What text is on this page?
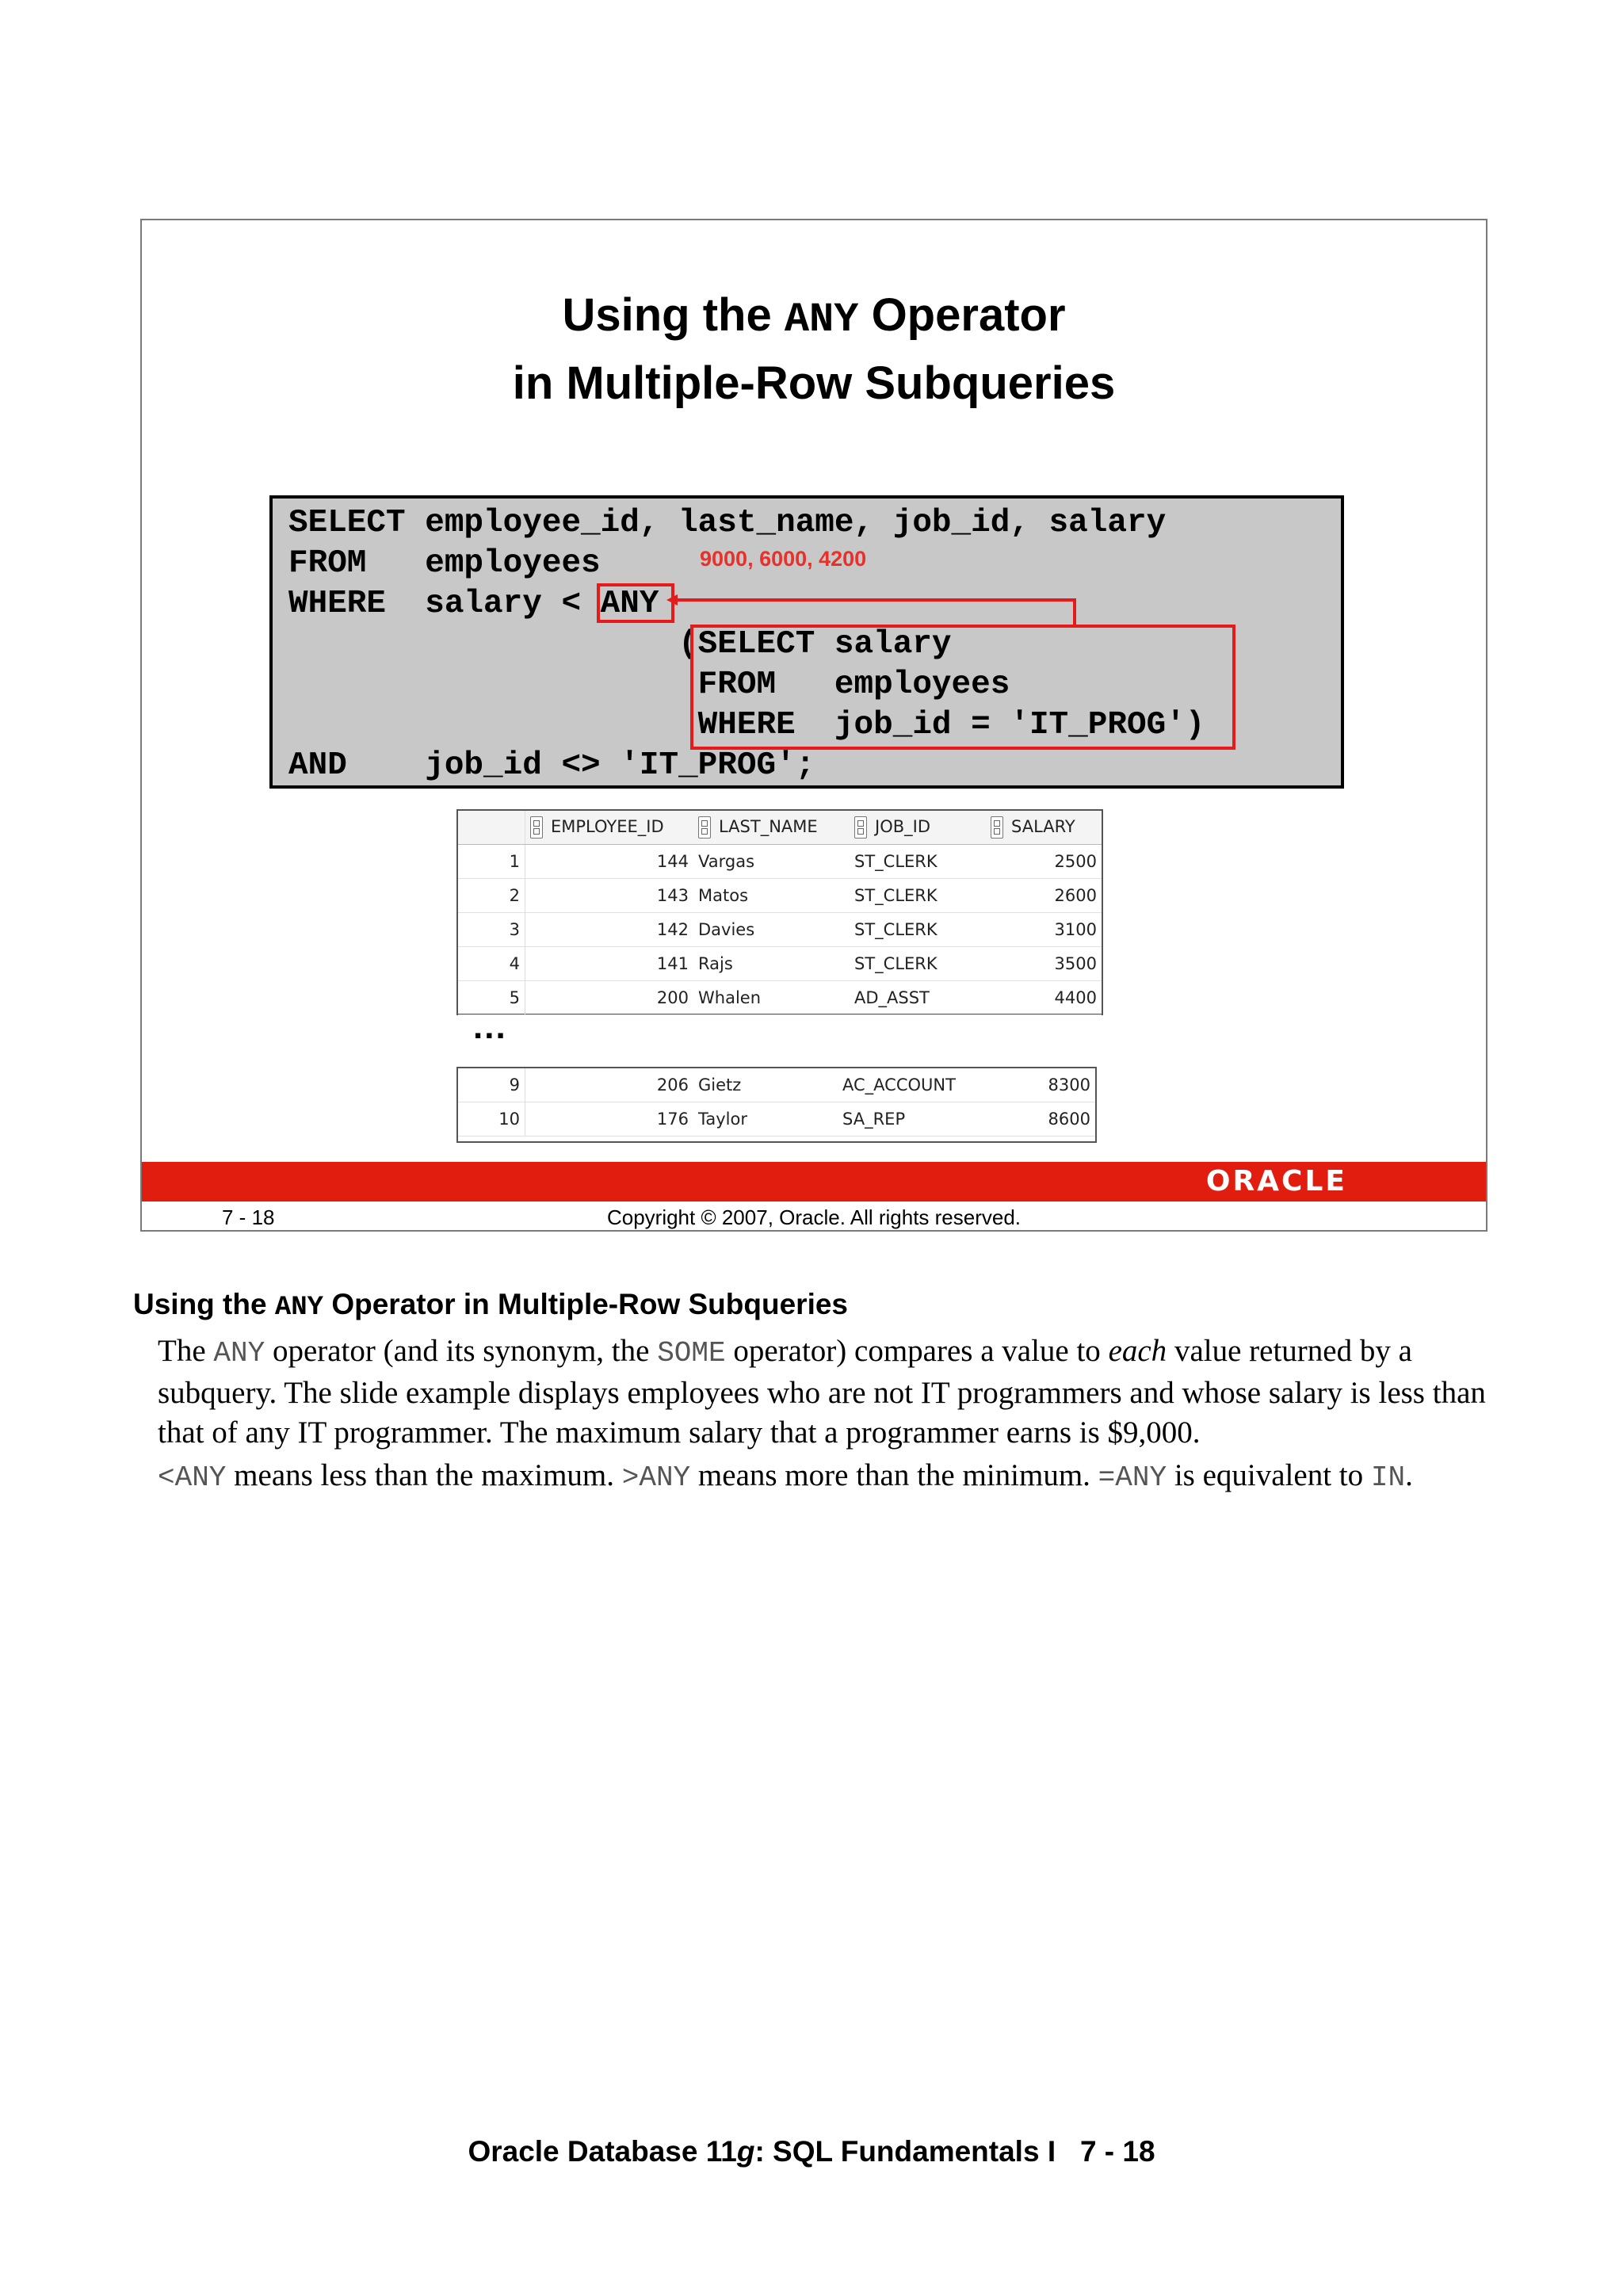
Using the ANY Operator
in Multiple-Row Subqueries
SELECT employee_id, last_name, job_id, salary
FROM   employees
WHERE  salary < ANY
(SELECT salary
FROM   employees
WHERE  job_id = 'IT_PROG')
AND    job_id <> 'IT_PROG';
9000, 6000, 4200
	EMPLOYEE_ID	LAST_NAME	JOB_ID	SALARY
1	144	Vargas	ST_CLERK	2500
2	143	Matos	ST_CLERK	2600
3	142	Davies	ST_CLERK	3100
4	141	Rajs	ST_CLERK	3500
5	200	Whalen	AD_ASST	4400
...
9	206	Gietz	AC_ACCOUNT	8300
10	176	Taylor	SA_REP	8600
ORACLE
7 - 18	Copyright © 2007, Oracle. All rights reserved.
Using the ANY Operator in Multiple-Row Subqueries
The ANY operator (and its synonym, the SOME operator) compares a value to each value returned by a subquery. The slide example displays employees who are not IT programmers and whose salary is less than that of any IT programmer. The maximum salary that a programmer earns is $9,000.
<ANY means less than the maximum. >ANY means more than the minimum. =ANY is equivalent to IN.
Oracle Database 11g: SQL Fundamentals I   7 - 18
